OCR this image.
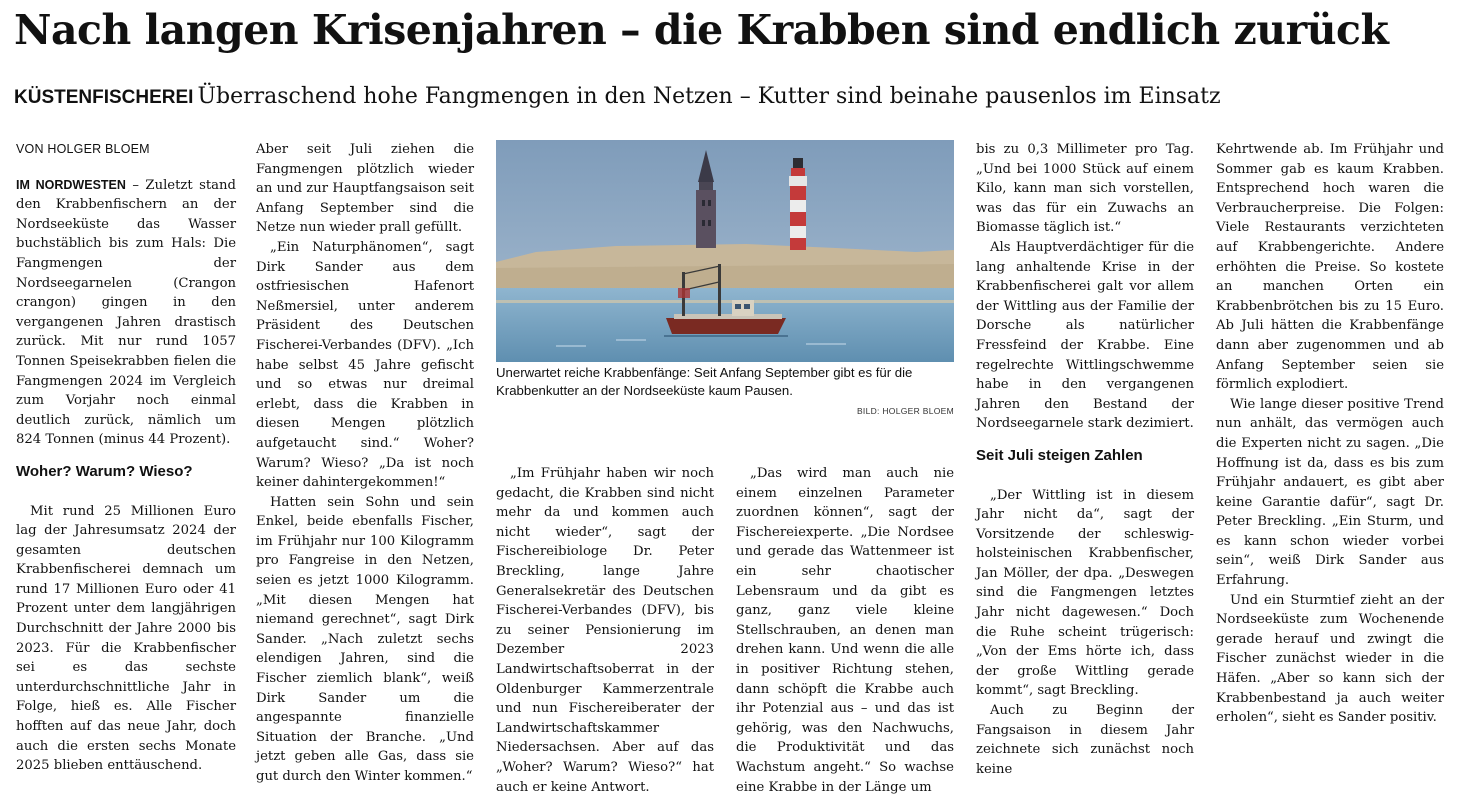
Nach langen Krisenjahren – die Krabben sind endlich zurück

KÜSTENFISCHEREI Überraschend hohe Fangmengen in den Netzen – Kutter sind beinahe pausenlos im Einsatz

VON HOLGER BLOEM

IM NORDWESTEN – Zuletzt stand den Krabbenfischern an der Nordseeküste das Wasser buchstäblich bis zum Hals: Die Fangmengen der Nordseegarnelen (Crangon crangon) gingen in den vergangenen Jahren drastisch zurück. Mit nur rund 1057 Tonnen Speisekrabben fielen die Fangmengen 2024 im Vergleich zum Vorjahr noch einmal deutlich zurück, nämlich um 824 Tonnen (minus 44 Prozent).

Woher? Warum? Wieso?

Mit rund 25 Millionen Euro lag der Jahresumsatz 2024 der gesamten deutschen Krabbenfischerei demnach um rund 17 Millionen Euro oder 41 Prozent unter dem langjährigen Durchschnitt der Jahre 2000 bis 2023. Für die Krabbenfischer sei es das sechste unterdurchschnittliche Jahr in Folge, hieß es. Alle Fischer hofften auf das neue Jahr, doch auch die ersten sechs Monate 2025 blieben enttäuschend.

Aber seit Juli ziehen die Fangmengen plötzlich wieder an und zur Hauptfangsaison seit Anfang September sind die Netze nun wieder prall gefüllt.

„Ein Naturphänomen“, sagt Dirk Sander aus dem ostfriesischen Hafenort Neßmersiel, unter anderem Präsident des Deutschen Fischerei-Verbandes (DFV). „Ich habe selbst 45 Jahre gefischt und so etwas nur dreimal erlebt, dass die Krabben in diesen Mengen plötzlich aufgetaucht sind.“ Woher? Warum? Wieso? „Da ist noch keiner dahintergekommen!“

Hatten sein Sohn und sein Enkel, beide ebenfalls Fischer, im Frühjahr nur 100 Kilogramm pro Fangreise in den Netzen, seien es jetzt 1000 Kilogramm. „Mit diesen Mengen hat niemand gerechnet“, sagt Dirk Sander. „Nach zuletzt sechs elendigen Jahren, sind die Fischer ziemlich blank“, weiß Dirk Sander um die angespannte finanzielle Situation der Branche. „Und jetzt geben alle Gas, dass sie gut durch den Winter kommen.“

Unerwartet reiche Krabbenfänge: Seit Anfang September gibt es für die Krabbenkutter an der Nordseeküste kaum Pausen.

BILD: HOLGER BLOEM

„Im Frühjahr haben wir noch gedacht, die Krabben sind nicht mehr da und kommen auch nicht wieder“, sagt der Fischereibiologe Dr. Peter Breckling, lange Jahre Generalsekretär des Deutschen Fischerei-Verbandes (DFV), bis zu seiner Pensionierung im Dezember 2023 Landwirtschaftsoberrat in der Oldenburger Kammerzentrale und nun Fischereiberater der Landwirtschaftskammer Niedersachsen. Aber auf das „Woher? Warum? Wieso?“ hat auch er keine Antwort.

„Das wird man auch nie einem einzelnen Parameter zuordnen können“, sagt der Fischereiexperte. „Die Nordsee und gerade das Wattenmeer ist ein sehr chaotischer Lebensraum und da gibt es ganz, ganz viele kleine Stellschrauben, an denen man drehen kann. Und wenn die alle in positiver Richtung stehen, dann schöpft die Krabbe auch ihr Potenzial aus – und das ist gehörig, was den Nachwuchs, die Produktivität und das Wachstum angeht.“ So wachse eine Krabbe in der Länge um

bis zu 0,3 Millimeter pro Tag. „Und bei 1000 Stück auf einem Kilo, kann man sich vorstellen, was das für ein Zuwachs an Biomasse täglich ist.“

Als Hauptverdächtiger für die lang anhaltende Krise in der Krabbenfischerei galt vor allem der Wittling aus der Familie der Dorsche als natürlicher Fressfeind der Krabbe. Eine regelrechte Wittlingschwemme habe in den vergangenen Jahren den Bestand der Nordseegarnele stark dezimiert.

Seit Juli steigen Zahlen

„Der Wittling ist in diesem Jahr nicht da“, sagt der Vorsitzende der schleswig-holsteinischen Krabbenfischer, Jan Möller, der dpa. „Deswegen sind die Fangmengen letztes Jahr nicht dagewesen.“ Doch die Ruhe scheint trügerisch: „Von der Ems hörte ich, dass der große Wittling gerade kommt“, sagt Breckling.

Auch zu Beginn der Fangsaison in diesem Jahr zeichnete sich zunächst noch keine

Kehrtwende ab. Im Frühjahr und Sommer gab es kaum Krabben. Entsprechend hoch waren die Verbraucherpreise. Die Folgen: Viele Restaurants verzichteten auf Krabbengerichte. Andere erhöhten die Preise. So kostete an manchen Orten ein Krabbenbrötchen bis zu 15 Euro. Ab Juli hätten die Krabbenfänge dann aber zugenommen und ab Anfang September seien sie förmlich explodiert.

Wie lange dieser positive Trend nun anhält, das vermögen auch die Experten nicht zu sagen. „Die Hoffnung ist da, dass es bis zum Frühjahr andauert, es gibt aber keine Garantie dafür“, sagt Dr. Peter Breckling. „Ein Sturm, und es kann schon wieder vorbei sein“, weiß Dirk Sander aus Erfahrung.

Und ein Sturmtief zieht an der Nordseeküste zum Wochenende gerade herauf und zwingt die Fischer zunächst wieder in die Häfen. „Aber so kann sich der Krabbenbestand ja auch weiter erholen“, sieht es Sander positiv.
